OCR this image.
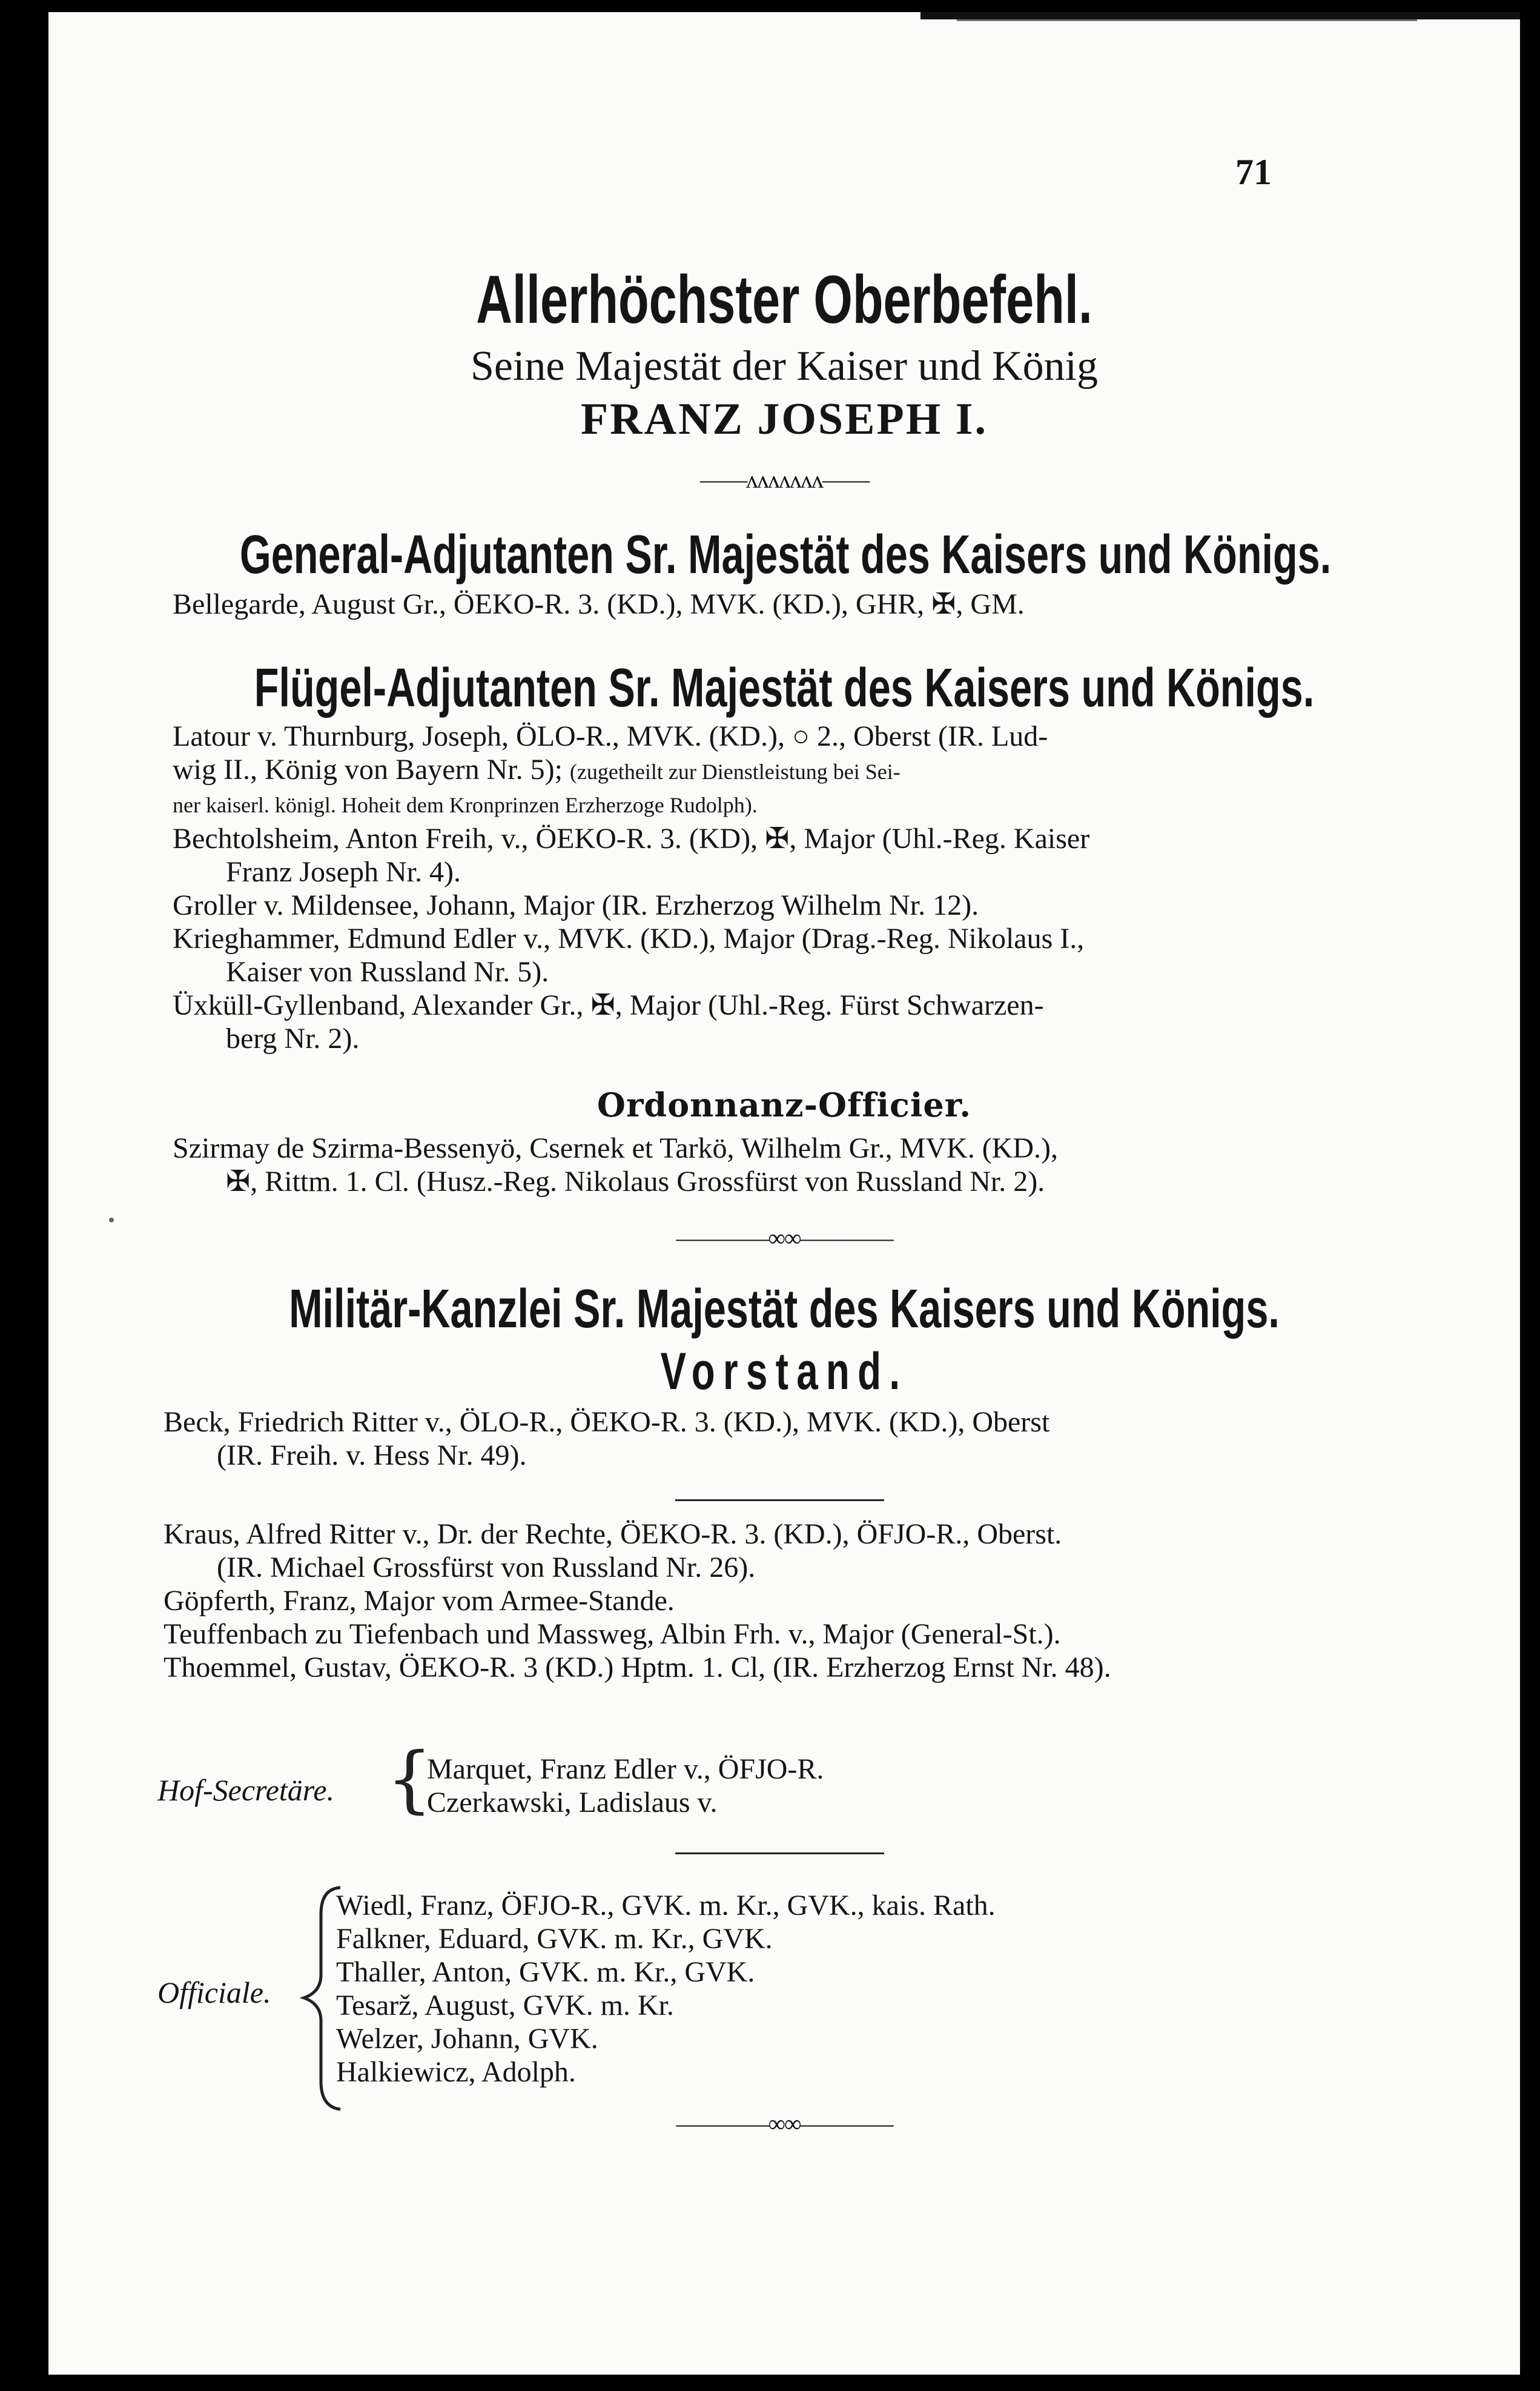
71
Allerhöchster Oberbefehl.
Seine Majestät der Kaiser und König
FRANZ JOSEPH I.
——ʌʌʌʌʌʌʌ——
General-Adjutanten Sr. Majestät des Kaisers und Königs.
Bellegarde, August Gr., ÖEKO-R. 3. (KD.), MVK. (KD.), GHR, ✠, GM.
Flügel-Adjutanten Sr. Majestät des Kaisers und Königs.
Latour v. Thurnburg, Joseph, ÖLO-R., MVK. (KD.), ○ 2., Oberst (IR. Lud-
wig II., König von Bayern Nr. 5); (zugetheilt zur Dienstleistung bei Sei-
ner kaiserl. königl. Hoheit dem Kronprinzen Erzherzoge Rudolph).
Bechtolsheim, Anton Freih, v., ÖEKO-R. 3. (KD), ✠, Major (Uhl.-Reg. Kaiser
Franz Joseph Nr. 4).
Groller v. Mildensee, Johann, Major (IR. Erzherzog Wilhelm Nr. 12).
Krieghammer, Edmund Edler v., MVK. (KD.), Major (Drag.-Reg. Nikolaus I.,
Kaiser von Russland Nr. 5).
Üxküll-Gyllenband, Alexander Gr., ✠, Major (Uhl.-Reg. Fürst Schwarzen-
berg Nr. 2).
Ordonnanz-Officier.
Szirmay de Szirma-Bessenyö, Csernek et Tarkö, Wilhelm Gr., MVK. (KD.),
✠, Rittm. 1. Cl. (Husz.-Reg. Nikolaus Grossfürst von Russland Nr. 2).
————∞∞————
Militär-Kanzlei Sr. Majestät des Kaisers und Königs.
Vorstand.
Beck, Friedrich Ritter v., ÖLO-R., ÖEKO-R. 3. (KD.), MVK. (KD.), Oberst
(IR. Freih. v. Hess Nr. 49).
Kraus, Alfred Ritter v., Dr. der Rechte, ÖEKO-R. 3. (KD.), ÖFJO-R., Oberst.
(IR. Michael Grossfürst von Russland Nr. 26).
Göpferth, Franz, Major vom Armee-Stande.
Teuffenbach zu Tiefenbach und Massweg, Albin Frh. v., Major (General-St.).
Thoemmel, Gustav, ÖEKO-R. 3 (KD.) Hptm. 1. Cl, (IR. Erzherzog Ernst Nr. 48).
Hof-Secretäre. {
Marquet, Franz Edler v., ÖFJO-R.
Czerkawski, Ladislaus v.
Officiale.
Wiedl, Franz, ÖFJO-R., GVK. m. Kr., GVK., kais. Rath.
Falkner, Eduard, GVK. m. Kr., GVK.
Thaller, Anton, GVK. m. Kr., GVK.
Tesarž, August, GVK. m. Kr.
Welzer, Johann, GVK.
Halkiewicz, Adolph.
————∞∞————
